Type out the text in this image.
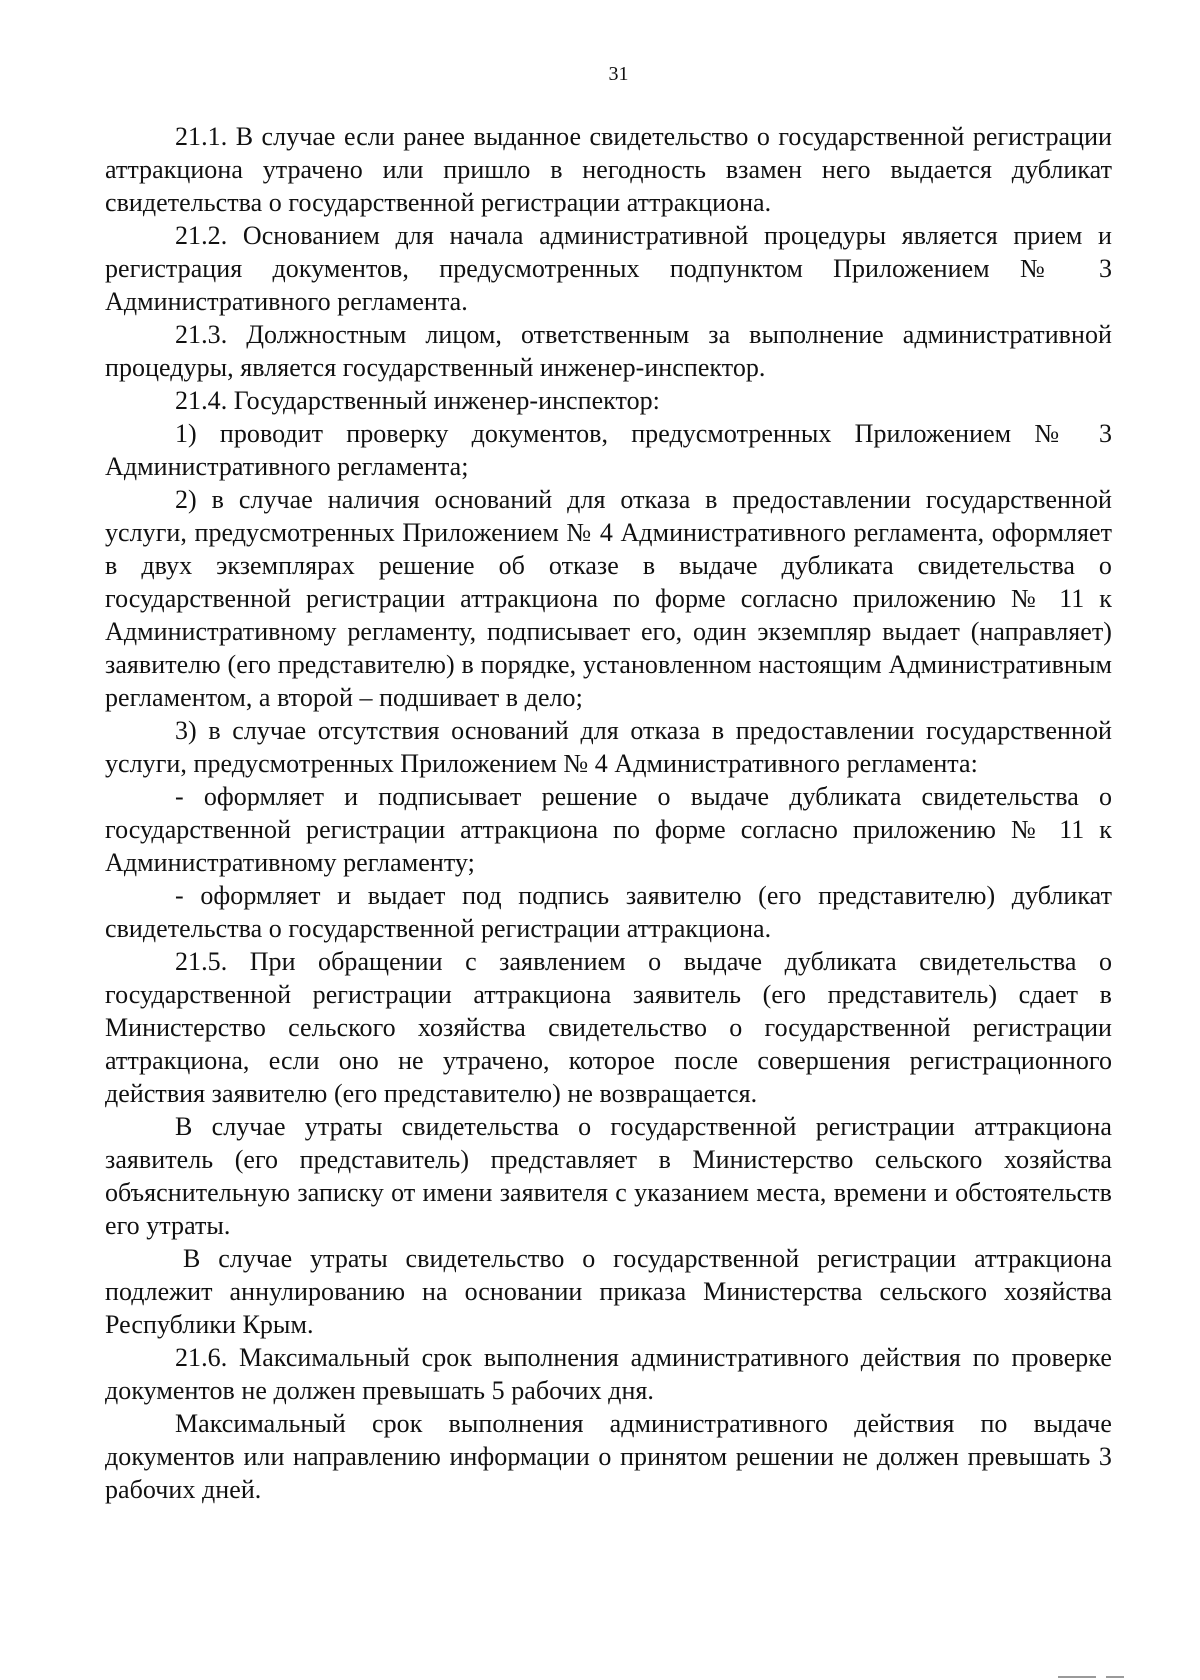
31

21.1. В случае если ранее выданное свидетельство о государственной регистрации аттракциона утрачено или пришло в негодность взамен него выдается дубликат свидетельства о государственной регистрации аттракциона.

21.2. Основанием для начала административной процедуры является прием и регистрация документов, предусмотренных подпунктом Приложением № 3 Административного регламента.

21.3. Должностным лицом, ответственным за выполнение административной процедуры, является государственный инженер-инспектор.

21.4. Государственный инженер-инспектор:

1) проводит проверку документов, предусмотренных Приложением № 3 Административного регламента;

2) в случае наличия оснований для отказа в предоставлении государственной услуги, предусмотренных Приложением № 4 Административного регламента, оформляет в двух экземплярах решение об отказе в выдаче дубликата свидетельства о государственной регистрации аттракциона по форме согласно приложению № 11 к Административному регламенту, подписывает его, один экземпляр выдает (направляет) заявителю (его представителю) в порядке, установленном настоящим Административным регламентом, а второй – подшивает в дело;

3) в случае отсутствия оснований для отказа в предоставлении государственной услуги, предусмотренных Приложением № 4 Административного регламента:

- оформляет и подписывает решение о выдаче дубликата свидетельства о государственной регистрации аттракциона по форме согласно приложению № 11 к Административному регламенту;

- оформляет и выдает под подпись заявителю (его представителю) дубликат свидетельства о государственной регистрации аттракциона.

21.5. При обращении с заявлением о выдаче дубликата свидетельства о государственной регистрации аттракциона заявитель (его представитель) сдает в Министерство сельского хозяйства свидетельство о государственной регистрации аттракциона, если оно не утрачено, которое после совершения регистрационного действия заявителю (его представителю) не возвращается.

В случае утраты свидетельства о государственной регистрации аттракциона заявитель (его представитель) представляет в Министерство сельского хозяйства объяснительную записку от имени заявителя с указанием места, времени и обстоятельств его утраты.

В случае утраты свидетельство о государственной регистрации аттракциона подлежит аннулированию на основании приказа Министерства сельского хозяйства Республики Крым.

21.6. Максимальный срок выполнения административного действия по проверке документов не должен превышать 5 рабочих дня.

Максимальный срок выполнения административного действия по выдаче документов или направлению информации о принятом решении не должен превышать 3 рабочих дней.
